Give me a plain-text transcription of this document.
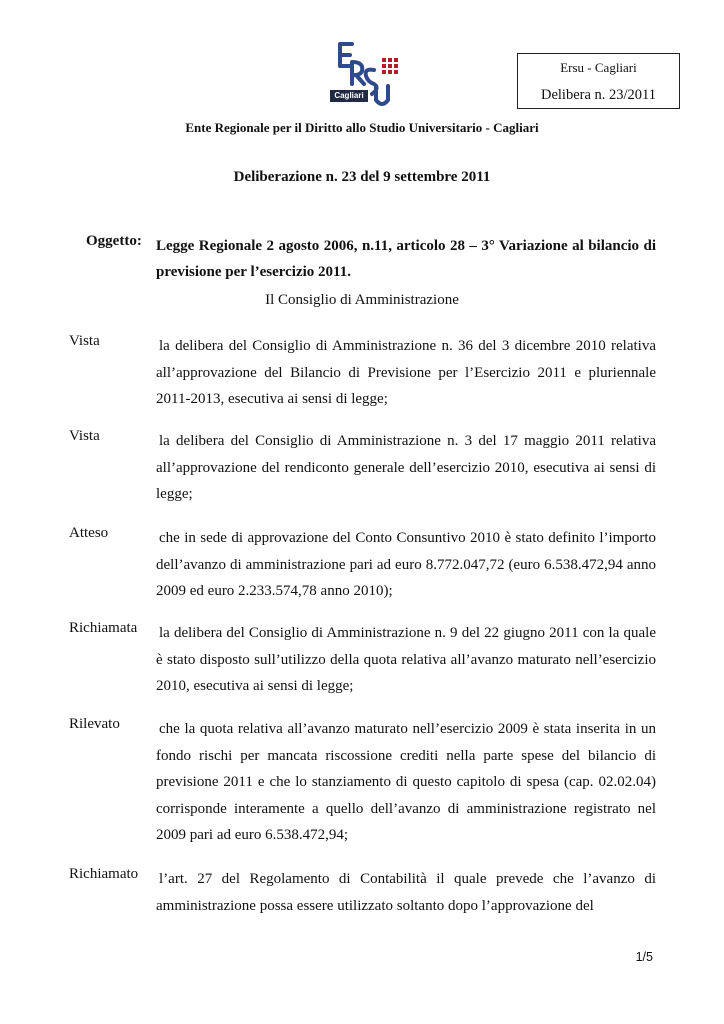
Cagliari
Ersu - Cagliari
Delibera n. 23/2011
Ente Regionale per il Diritto allo Studio Universitario - Cagliari
Deliberazione n. 23 del 9 settembre 2011
Oggetto: Legge Regionale 2 agosto 2006, n.11, articolo 28 – 3° Variazione al bilancio di previsione per l’esercizio 2011.
Il Consiglio di Amministrazione
Vista	la delibera del Consiglio di Amministrazione n. 36 del 3 dicembre 2010 relativa all’approvazione del Bilancio di Previsione per l’Esercizio 2011 e pluriennale 2011-2013, esecutiva ai sensi di legge;
Vista	la delibera del Consiglio di Amministrazione n. 3 del 17 maggio 2011 relativa all’approvazione del rendiconto generale dell’esercizio 2010, esecutiva ai sensi di legge;
Atteso	che in sede di approvazione del Conto Consuntivo 2010 è stato definito l’importo dell’avanzo di amministrazione pari ad euro 8.772.047,72 (euro 6.538.472,94 anno 2009 ed euro 2.233.574,78 anno 2010);
Richiamata la delibera del Consiglio di Amministrazione n. 9 del 22 giugno 2011 con la quale è stato disposto sull’utilizzo della quota relativa all’avanzo maturato nell’esercizio 2010, esecutiva ai sensi di legge;
Rilevato	che la quota relativa all’avanzo maturato nell’esercizio 2009 è stata inserita in un fondo rischi per mancata riscossione crediti nella parte spese del bilancio di previsione 2011 e che lo stanziamento di questo capitolo di spesa (cap. 02.02.04) corrisponde interamente a quello dell’avanzo di amministrazione registrato nel 2009 pari ad euro 6.538.472,94;
Richiamato l’art. 27 del Regolamento di Contabilità il quale prevede che l’avanzo di amministrazione possa essere utilizzato soltanto dopo l’approvazione del
1/5
